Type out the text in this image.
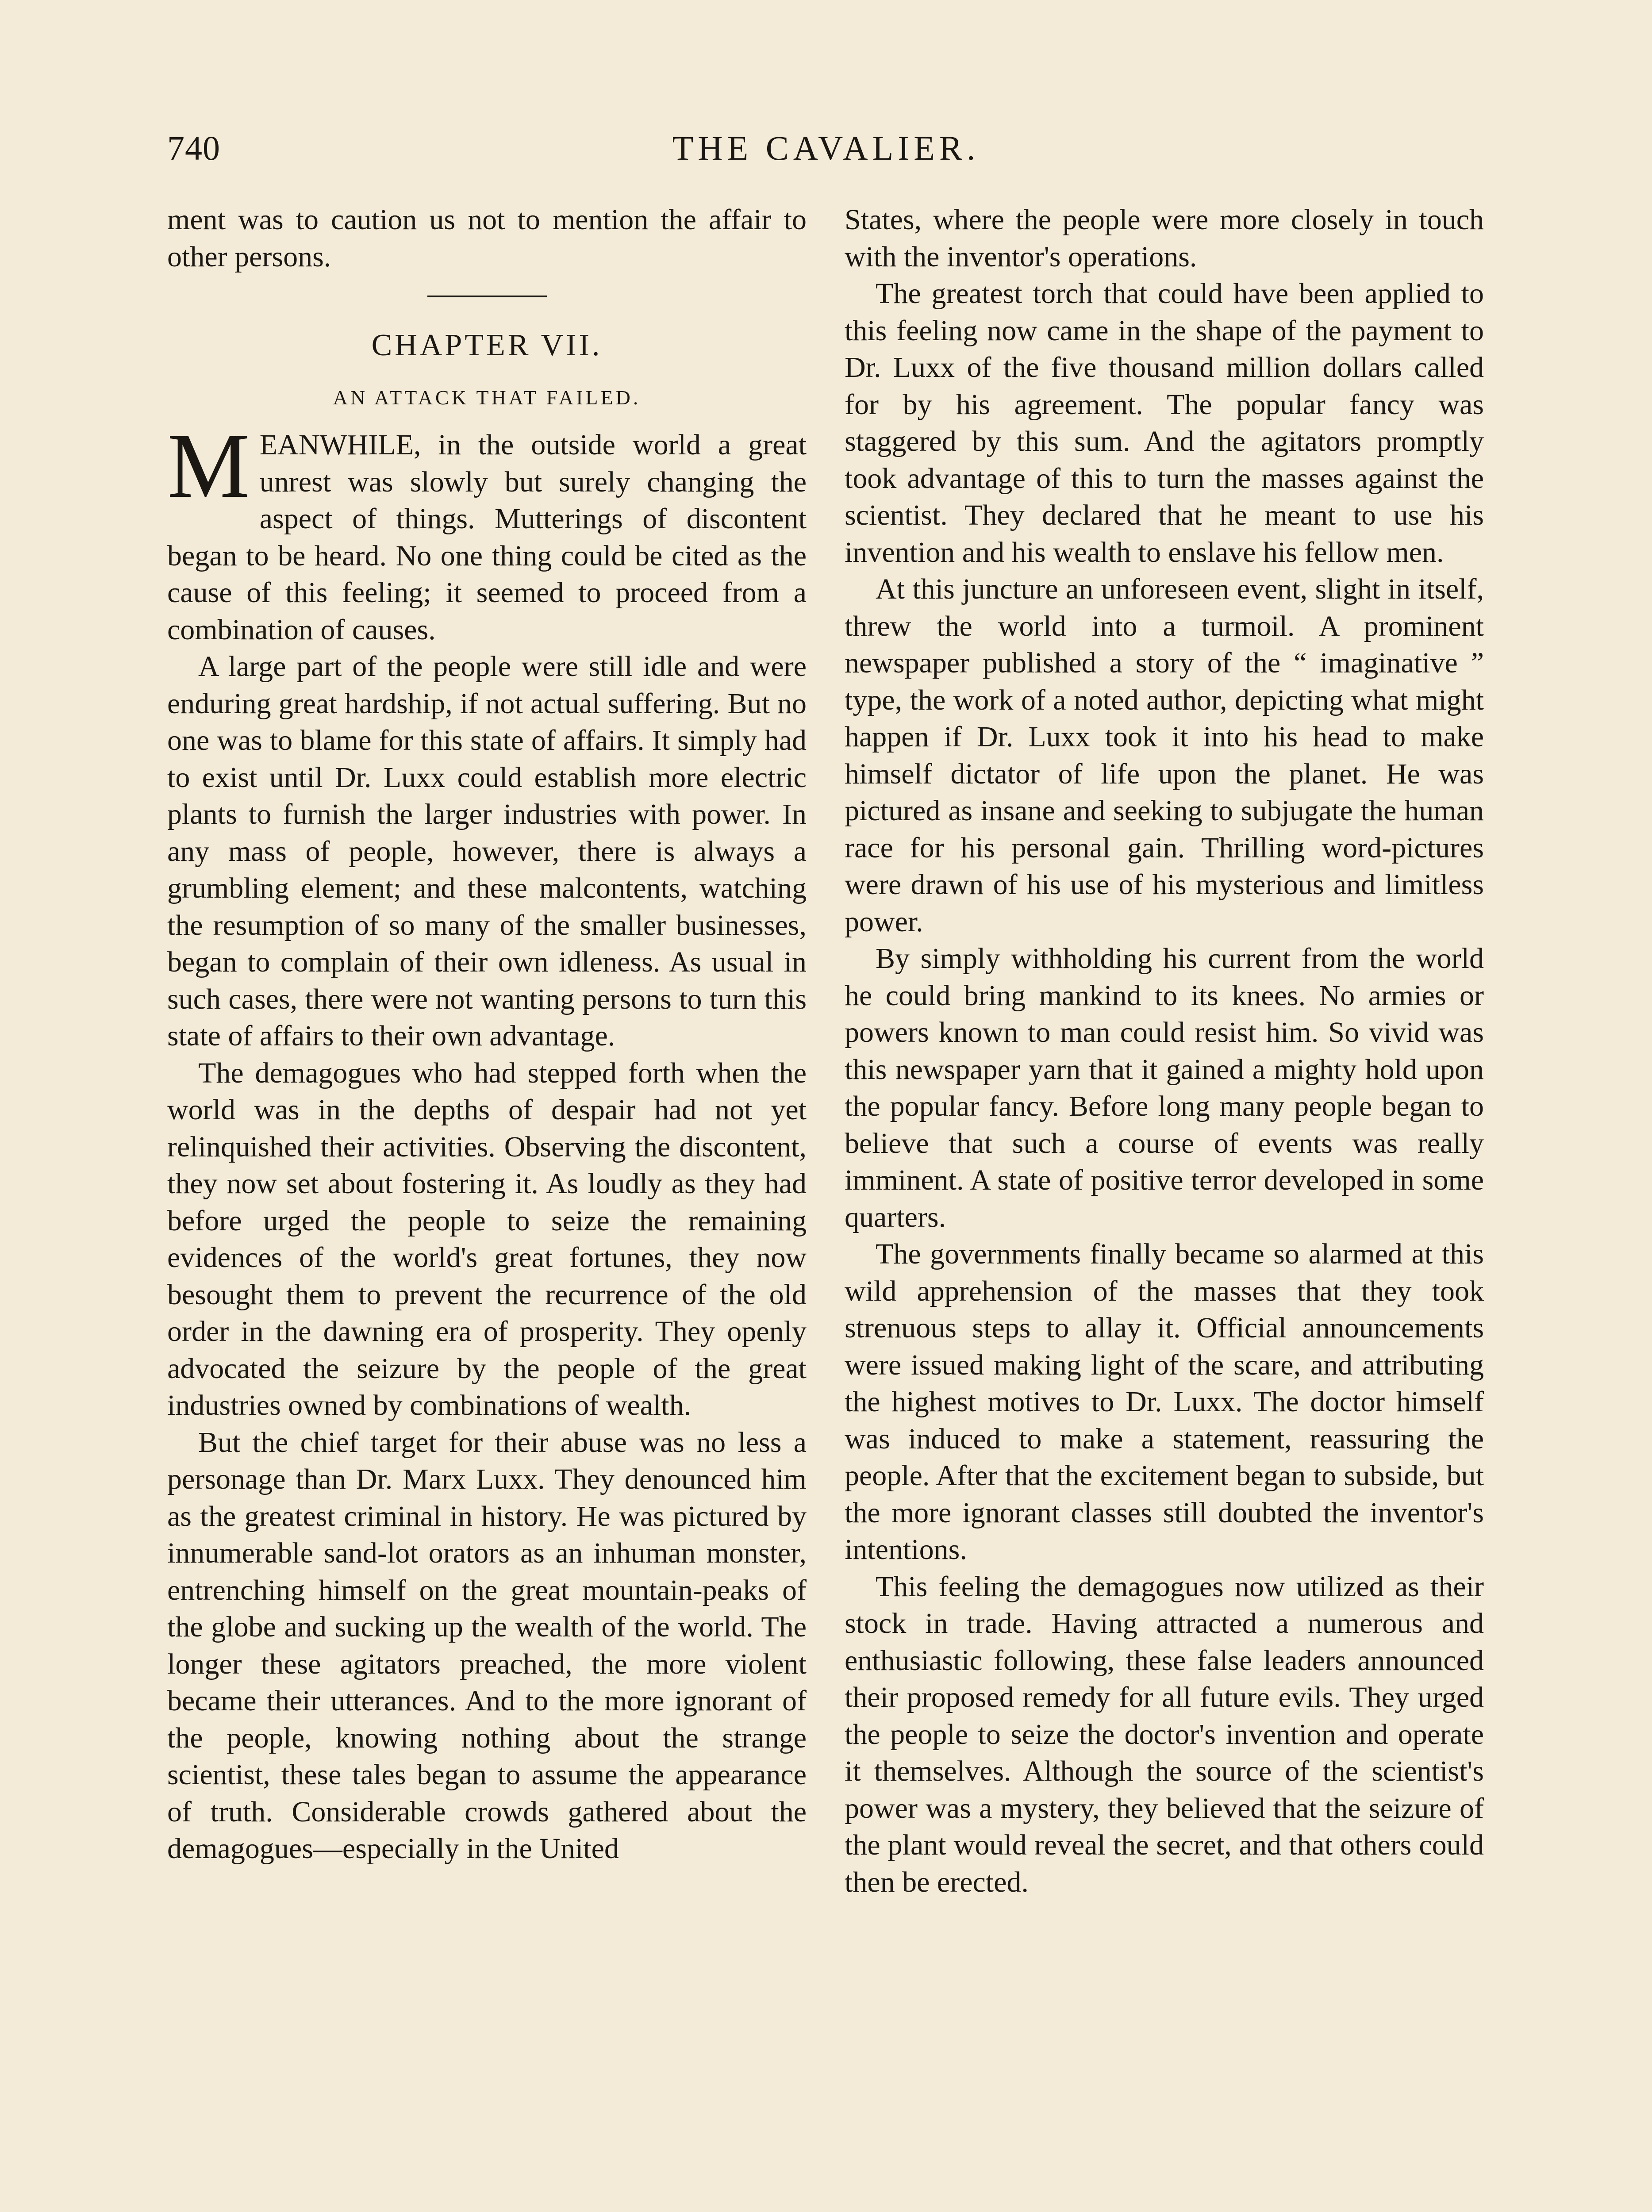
740	THE CAVALIER.

ment was to caution us not to mention the affair to other persons.

CHAPTER VII.
AN ATTACK THAT FAILED.

MEANWHILE, in the outside world a great unrest was slowly but surely changing the aspect of things. Mutterings of discontent began to be heard. No one thing could be cited as the cause of this feeling; it seemed to proceed from a combination of causes.

A large part of the people were still idle and were enduring great hardship, if not actual suffering. But no one was to blame for this state of affairs. It simply had to exist until Dr. Luxx could establish more electric plants to furnish the larger industries with power. In any mass of people, however, there is always a grumbling element; and these malcontents, watching the resumption of so many of the smaller businesses, began to complain of their own idleness. As usual in such cases, there were not wanting persons to turn this state of affairs to their own advantage.

The demagogues who had stepped forth when the world was in the depths of despair had not yet relinquished their activities. Observing the discontent, they now set about fostering it. As loudly as they had before urged the people to seize the remaining evidences of the world's great fortunes, they now besought them to prevent the recurrence of the old order in the dawning era of prosperity. They openly advocated the seizure by the people of the great industries owned by combinations of wealth.

But the chief target for their abuse was no less a personage than Dr. Marx Luxx. They denounced him as the greatest criminal in history. He was pictured by innumerable sand-lot orators as an inhuman monster, entrenching himself on the great mountain-peaks of the globe and sucking up the wealth of the world. The longer these agitators preached, the more violent became their utterances. And to the more ignorant of the people, knowing nothing about the strange scientist, these tales began to assume the appearance of truth. Considerable crowds gathered about the demagogues—especially in the United

States, where the people were more closely in touch with the inventor's operations.

The greatest torch that could have been applied to this feeling now came in the shape of the payment to Dr. Luxx of the five thousand million dollars called for by his agreement. The popular fancy was staggered by this sum. And the agitators promptly took advantage of this to turn the masses against the scientist. They declared that he meant to use his invention and his wealth to enslave his fellow men.

At this juncture an unforeseen event, slight in itself, threw the world into a turmoil. A prominent newspaper published a story of the “ imaginative ” type, the work of a noted author, depicting what might happen if Dr. Luxx took it into his head to make himself dictator of life upon the planet. He was pictured as insane and seeking to subjugate the human race for his personal gain. Thrilling word-pictures were drawn of his use of his mysterious and limitless power.

By simply withholding his current from the world he could bring mankind to its knees. No armies or powers known to man could resist him. So vivid was this newspaper yarn that it gained a mighty hold upon the popular fancy. Before long many people began to believe that such a course of events was really imminent. A state of positive terror developed in some quarters.

The governments finally became so alarmed at this wild apprehension of the masses that they took strenuous steps to allay it. Official announcements were issued making light of the scare, and attributing the highest motives to Dr. Luxx. The doctor himself was induced to make a statement, reassuring the people. After that the excitement began to subside, but the more ignorant classes still doubted the inventor's intentions.

This feeling the demagogues now utilized as their stock in trade. Having attracted a numerous and enthusiastic following, these false leaders announced their proposed remedy for all future evils. They urged the people to seize the doctor's invention and operate it themselves. Although the source of the scientist's power was a mystery, they believed that the seizure of the plant would reveal the secret, and that others could then be erected.
